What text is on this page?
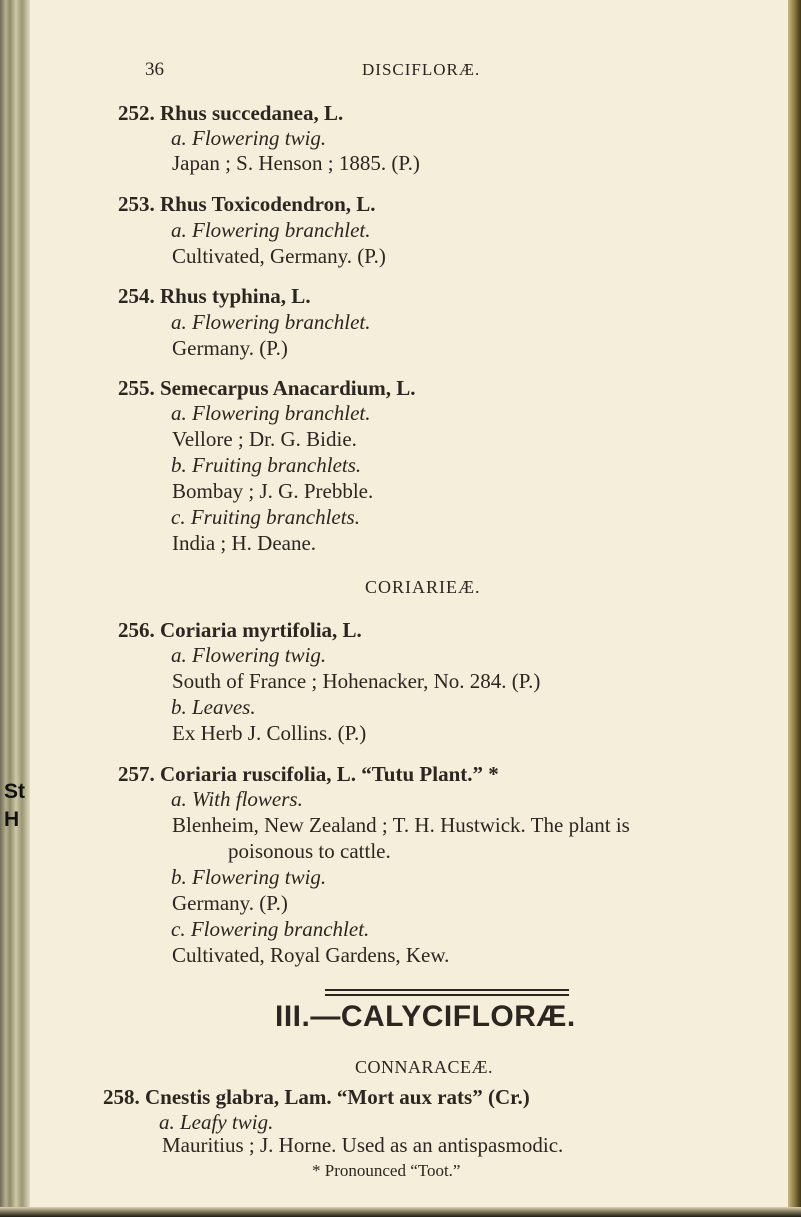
St
H
36	DISCIFLORÆ.
252. Rhus succedanea, L.
a. Flowering twig.
Japan ; S. Henson ; 1885. (P.)
253. Rhus Toxicodendron, L.
a. Flowering branchlet.
Cultivated, Germany. (P.)
254. Rhus typhina, L.
a. Flowering branchlet.
Germany. (P.)
255. Semecarpus Anacardium, L.
a. Flowering branchlet.
Vellore ; Dr. G. Bidie.
b. Fruiting branchlets.
Bombay ; J. G. Prebble.
c. Fruiting branchlets.
India ; H. Deane.
CORIARIEÆ.
256. Coriaria myrtifolia, L.
a. Flowering twig.
South of France ; Hohenacker, No. 284. (P.)
b. Leaves.
Ex Herb J. Collins. (P.)
257. Coriaria ruscifolia, L. “Tutu Plant.” *
a. With flowers.
Blenheim, New Zealand ; T. H. Hustwick. The plant is
poisonous to cattle.
b. Flowering twig.
Germany. (P.)
c. Flowering branchlet.
Cultivated, Royal Gardens, Kew.
III.—CALYCIFLORÆ.
CONNARACEÆ.
258. Cnestis glabra, Lam. “Mort aux rats” (Cr.)
a. Leafy twig.
Mauritius ; J. Horne. Used as an antispasmodic.
* Pronounced “Toot.”
